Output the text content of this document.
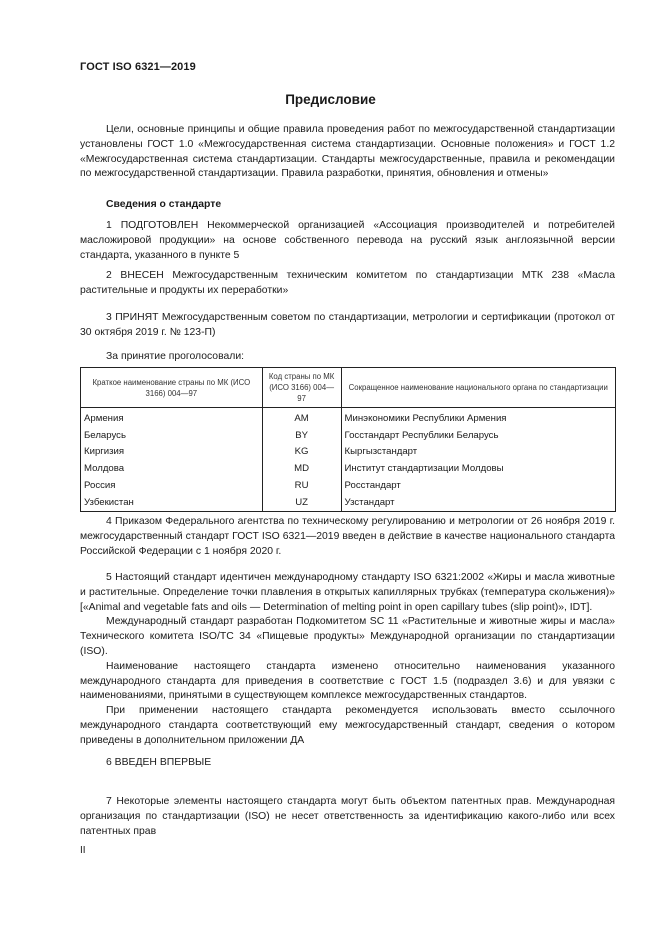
ГОСТ ISO 6321—2019
Предисловие

Цели, основные принципы и общие правила проведения работ по межгосударственной стандартизации установлены ГОСТ 1.0 «Межгосударственная система стандартизации. Основные положения» и ГОСТ 1.2 «Межгосударственная система стандартизации. Стандарты межгосударственные, правила и рекомендации по межгосударственной стандартизации. Правила разработки, принятия, обновления и отмены»

Сведения о стандарте

1 ПОДГОТОВЛЕН Некоммерческой организацией «Ассоциация производителей и потребителей масложировой продукции» на основе собственного перевода на русский язык англоязычной версии стандарта, указанного в пункте 5

2 ВНЕСЕН Межгосударственным техническим комитетом по стандартизации МТК 238 «Масла растительные и продукты их переработки»

3 ПРИНЯТ Межгосударственным советом по стандартизации, метрологии и сертификации (протокол от 30 октября 2019 г. № 123-П)

За принятие проголосовали:
Краткое наименование страны по МК (ИСО 3166) 004—97	Код страны по МК (ИСО 3166) 004—97	Сокращенное наименование национального органа по стандартизации
Армения	AM	Минэкономики Республики Армения
Беларусь	BY	Госстандарт Республики Беларусь
Киргизия	KG	Кыргызстандарт
Молдова	MD	Институт стандартизации Молдовы
Россия	RU	Росстандарт
Узбекистан	UZ	Узстандарт

4 Приказом Федерального агентства по техническому регулированию и метрологии от 26 ноября 2019 г. межгосударственный стандарт ГОСТ ISO 6321—2019 введен в действие в качестве национального стандарта Российской Федерации с 1 ноября 2020 г.

5 Настоящий стандарт идентичен международному стандарту ISO 6321:2002 «Жиры и масла животные и растительные. Определение точки плавления в открытых капиллярных трубках (температура скольжения)» [«Animal and vegetable fats and oils — Determination of melting point in open capillary tubes (slip point)», IDT].

Международный стандарт разработан Подкомитетом SC 11 «Растительные и животные жиры и масла» Технического комитета ISO/TC 34 «Пищевые продукты» Международной организации по стандартизации (ISO).

Наименование настоящего стандарта изменено относительно наименования указанного международного стандарта для приведения в соответствие с ГОСТ 1.5 (подраздел 3.6) и для увязки с наименованиями, принятыми в существующем комплексе межгосударственных стандартов.

При применении настоящего стандарта рекомендуется использовать вместо ссылочного международного стандарта соответствующий ему межгосударственный стандарт, сведения о котором приведены в дополнительном приложении ДА

6 ВВЕДЕН ВПЕРВЫЕ

7 Некоторые элементы настоящего стандарта могут быть объектом патентных прав. Международная организация по стандартизации (ISO) не несет ответственность за идентификацию какого-либо или всех патентных прав

II
